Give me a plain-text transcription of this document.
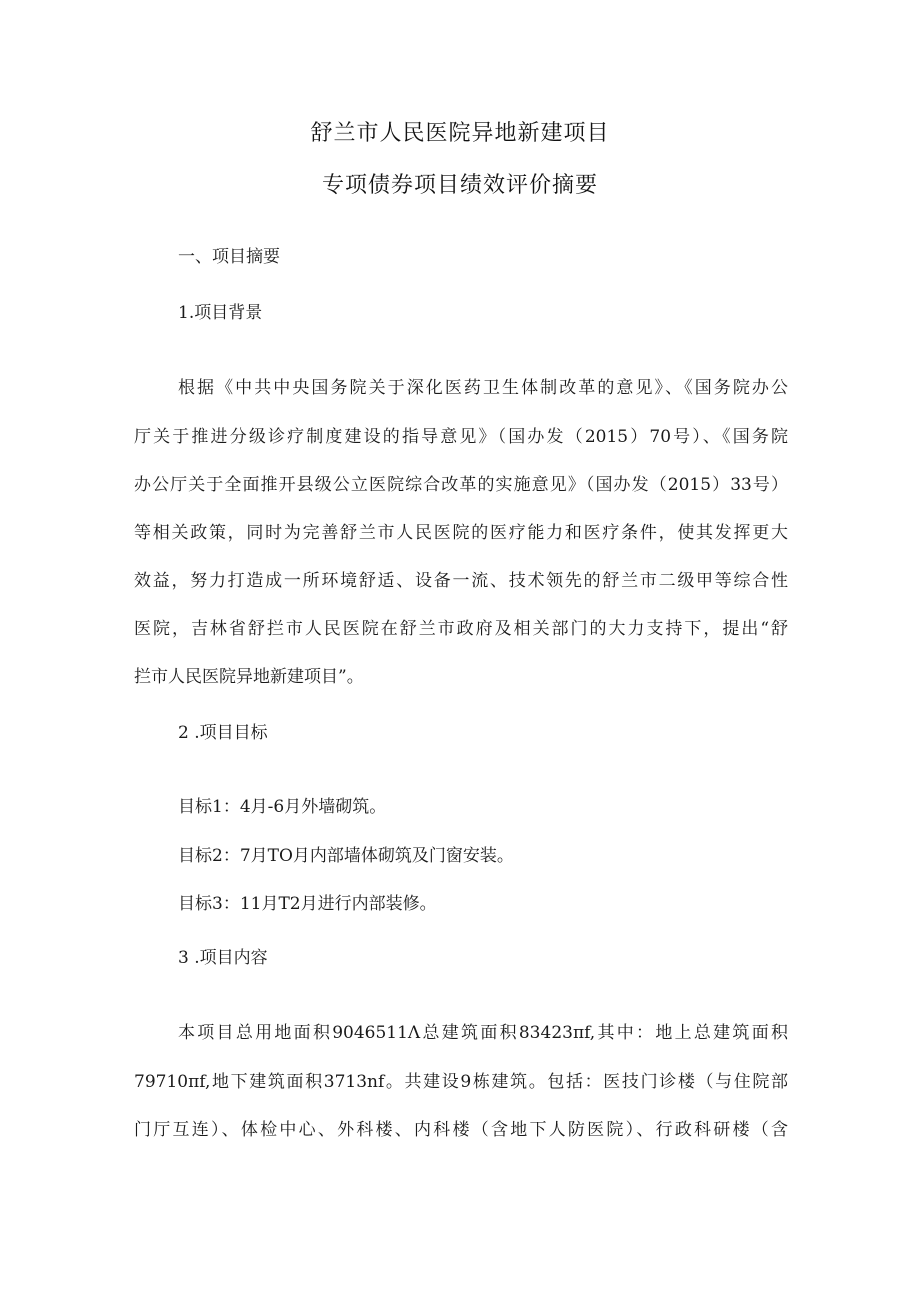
舒兰市人民医院异地新建项目
专项债券项目绩效评价摘要
一、项目摘要
1.项目背景
根据《中共中央国务院关于深化医药卫生体制改革的意见》、《国务院办公
厅关于推进分级诊疗制度建设的指导意见》（国办发（2015）70号）、《国务院
办公厅关于全面推开县级公立医院综合改革的实施意见》（国办发（2015）33号）
等相关政策，同时为完善舒兰市人民医院的医疗能力和医疗条件，使其发挥更大
效益，努力打造成一所环境舒适、设备一流、技术领先的舒兰市二级甲等综合性
医院，吉林省舒拦市人民医院在舒兰市政府及相关部门的大力支持下，提出“舒
拦市人民医院异地新建项目”。
2 .项目目标
目标1：4月-6月外墙砌筑。
目标2：7月TO月内部墙体砌筑及门窗安装。
目标3：11月T2月进行内部装修。
3 .项目内容
本项目总用地面积9046511Λ总建筑面积83423πf,其中：地上总建筑面积
79710πf,地下建筑面积3713nf。共建设9栋建筑。包括：医技门诊楼（与住院部
门厅互连）、体检中心、外科楼、内科楼（含地下人防医院）、行政科研楼（含
